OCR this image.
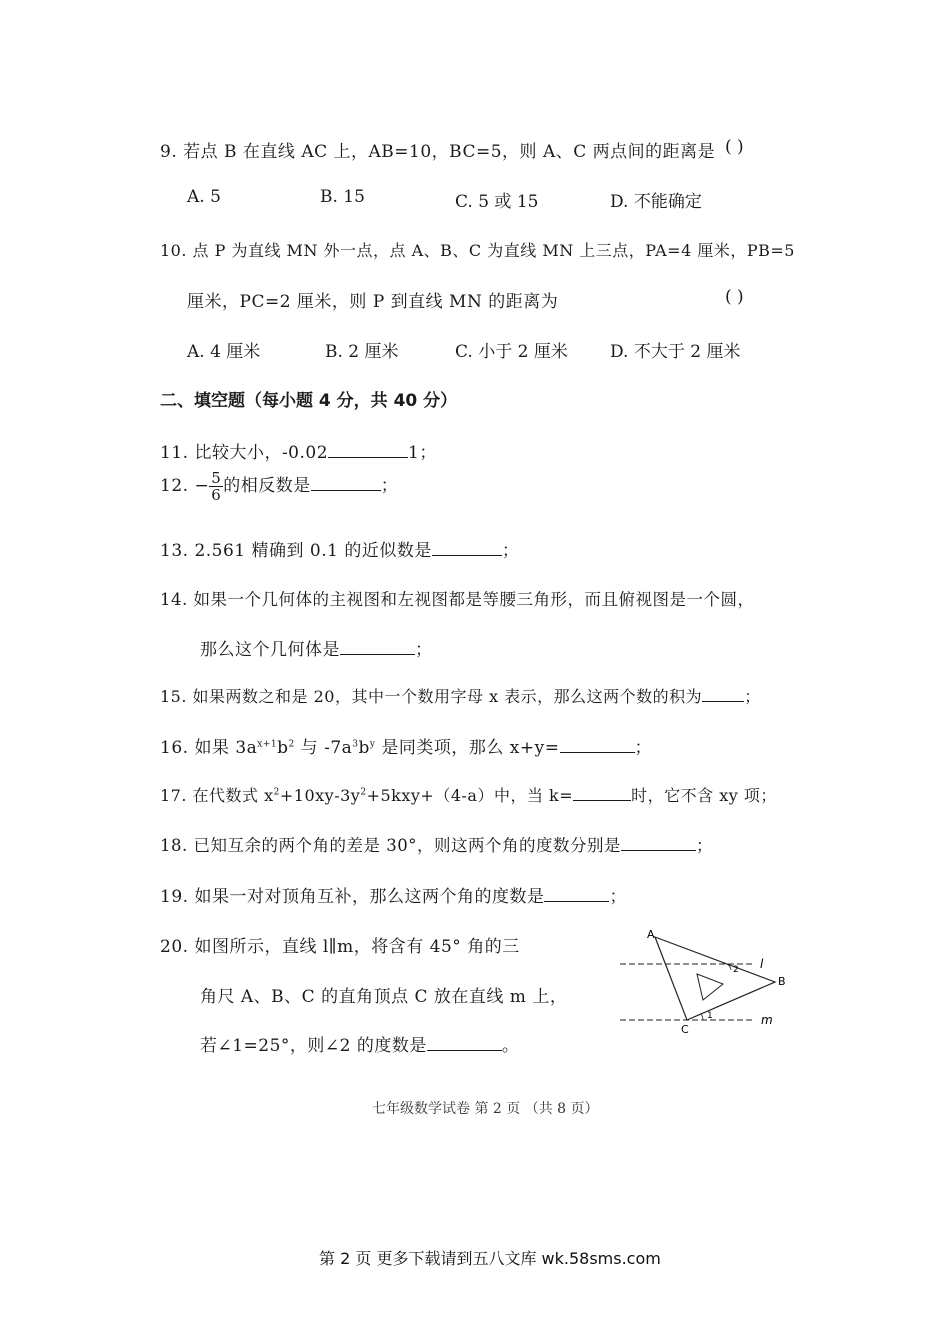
9. 若点 B 在直线 AC 上，AB=10，BC=5，则 A、C 两点间的距离是 ( )
A. 5	B. 15	C. 5 或 15	D. 不能确定
10. 点 P 为直线 MN 外一点，点 A、B、C 为直线 MN 上三点，PA=4 厘米，PB=5
厘米，PC=2 厘米，则 P 到直线 MN 的距离为	( )
A. 4 厘米	B. 2 厘米	C. 小于 2 厘米 D. 不大于 2 厘米
二、填空题（每小题 4 分，共 40 分）
11. 比较大小，-0.02	1；
12. − $\frac{5}{6}$ 的相反数是	；
13. 2.561 精确到 0.1 的近似数是	；
14. 如果一个几何体的主视图和左视图都是等腰三角形，而且俯视图是一个圆，
那么这个几何体是	；
15. 如果两数之和是 20，其中一个数用字母 x 表示，那么这两个数的积为	；
16. 如果 $3a^{x+1}b^2$ 与 $-7a^3b^y$ 是同类项，那么 x+y=	；
17. 在代数式 $x^2+10xy-3y^2+5kxy+(4-a)$中，当 k=	时，它不含 xy 项；
18. 已知互余的两个角的差是 30°，则这两个角的度数分别是	；
19. 如果一对对顶角互补，那么这两个角的度数是	；
20. 如图所示，直线 l∥m，将含有 45° 角的三
角尺 A、B、C 的直角顶点 C 放在直线 m 上，
若∠1=25°，则∠2 的度数是	。
A
B
C
l
m
2
1
七年级数学试卷 第 2 页 （共 8 页）
第 2 页 更多下载请到五八文库 wk.58sms.com
